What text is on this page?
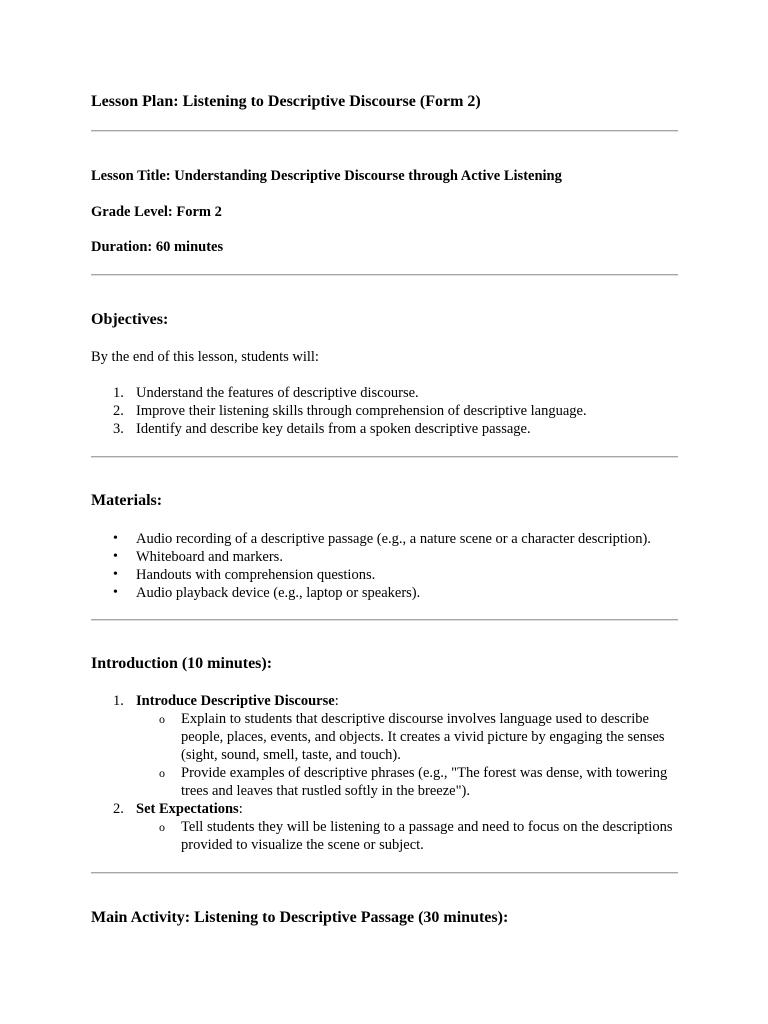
Lesson Plan: Listening to Descriptive Discourse (Form 2)
Lesson Title: Understanding Descriptive Discourse through Active Listening
Grade Level: Form 2
Duration: 60 minutes
Objectives:
By the end of this lesson, students will:
1. Understand the features of descriptive discourse.
2. Improve their listening skills through comprehension of descriptive language.
3. Identify and describe key details from a spoken descriptive passage.
Materials:
• Audio recording of a descriptive passage (e.g., a nature scene or a character description).
• Whiteboard and markers.
• Handouts with comprehension questions.
• Audio playback device (e.g., laptop or speakers).
Introduction (10 minutes):
1. Introduce Descriptive Discourse:
o Explain to students that descriptive discourse involves language used to describe people, places, events, and objects. It creates a vivid picture by engaging the senses (sight, sound, smell, taste, and touch).
o Provide examples of descriptive phrases (e.g., "The forest was dense, with towering trees and leaves that rustled softly in the breeze").
2. Set Expectations:
o Tell students they will be listening to a passage and need to focus on the descriptions provided to visualize the scene or subject.
Main Activity: Listening to Descriptive Passage (30 minutes):
